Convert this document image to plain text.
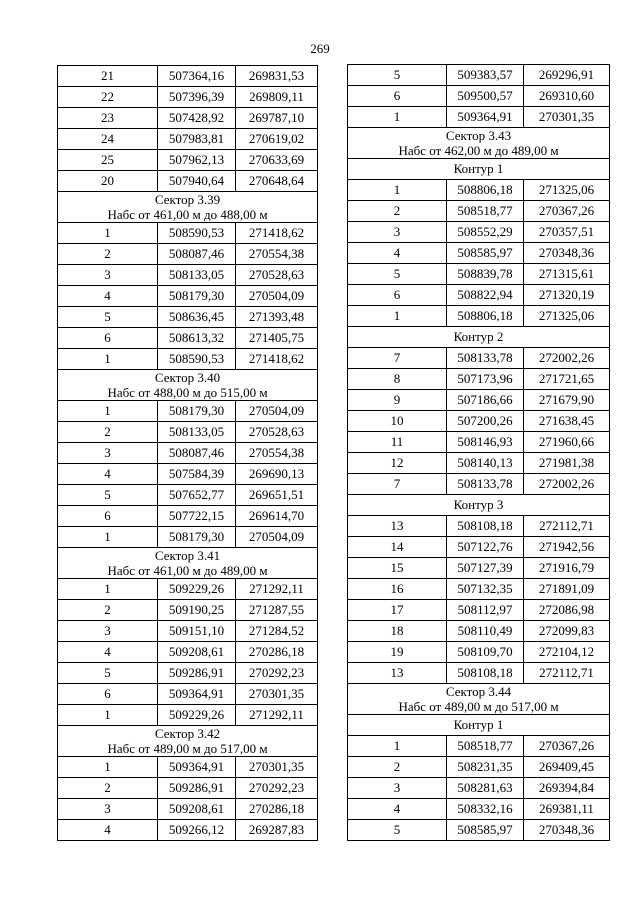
269
21	507364,16	269831,53
22	507396,39	269809,11
23	507428,92	269787,10
24	507983,81	270619,02
25	507962,13	270633,69
20	507940,64	270648,64
Сектор 3.39		
Набс от 461,00 м до 488,00 м		
1	508590,53	271418,62
2	508087,46	270554,38
3	508133,05	270528,63
4	508179,30	270504,09
5	508636,45	271393,48
6	508613,32	271405,75
1	508590,53	271418,62
Сектор 3.40		
Набс от 488,00 м до 515,00 м		
1	508179,30	270504,09
2	508133,05	270528,63
3	508087,46	270554,38
4	507584,39	269690,13
5	507652,77	269651,51
6	507722,15	269614,70
1	508179,30	270504,09
Сектор 3.41		
Набс от 461,00 м до 489,00 м		
1	509229,26	271292,11
2	509190,25	271287,55
3	509151,10	271284,52
4	509208,61	270286,18
5	509286,91	270292,23
6	509364,91	270301,35
1	509229,26	271292,11
Сектор 3.42		
Набс от 489,00 м до 517,00 м		
1	509364,91	270301,35
2	509286,91	270292,23
3	509208,61	270286,18
4	509266,12	269287,83
5	509383,57	269296,91
6	509500,57	269310,60
1	509364,91	270301,35
Сектор 3.43		
Набс от 462,00 м до 489,00 м		
Контур 1		
1	508806,18	271325,06
2	508518,77	270367,26
3	508552,29	270357,51
4	508585,97	270348,36
5	508839,78	271315,61
6	508822,94	271320,19
1	508806,18	271325,06
Контур 2		
7	508133,78	272002,26
8	507173,96	271721,65
9	507186,66	271679,90
10	507200,26	271638,45
11	508146,93	271960,66
12	508140,13	271981,38
7	508133,78	272002,26
Контур 3		
13	508108,18	272112,71
14	507122,76	271942,56
15	507127,39	271916,79
16	507132,35	271891,09
17	508112,97	272086,98
18	508110,49	272099,83
19	508109,70	272104,12
13	508108,18	272112,71
Сектор 3.44		
Набс от 489,00 м до 517,00 м		
Контур 1		
1	508518,77	270367,26
2	508231,35	269409,45
3	508281,63	269394,84
4	508332,16	269381,11
5	508585,97	270348,36
